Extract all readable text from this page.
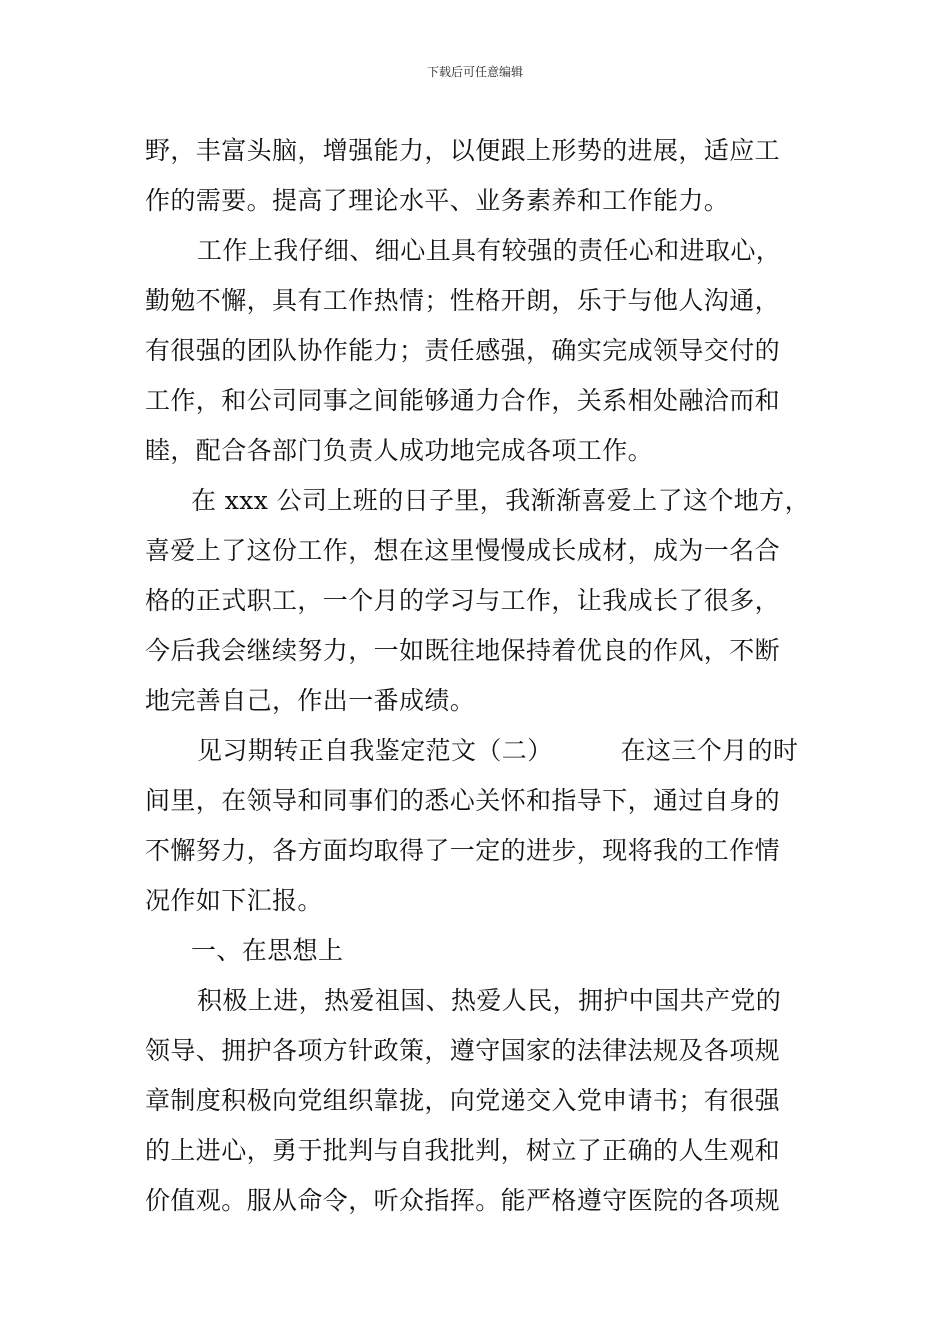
下载后可任意编辑
野，丰富头脑，增强能力，以便跟上形势的进展，适应工
作的需要。提高了理论水平、业务素养和工作能力。
工作上我仔细、细心且具有较强的责任心和进取心，
勤勉不懈，具有工作热情；性格开朗，乐于与他人沟通，
有很强的团队协作能力；责任感强，确实完成领导交付的
工作，和公司同事之间能够通力合作，关系相处融洽而和
睦，配合各部门负责人成功地完成各项工作。
在 xxx 公司上班的日子里，我渐渐喜爱上了这个地方，
喜爱上了这份工作，想在这里慢慢成长成材，成为一名合
格的正式职工，一个月的学习与工作，让我成长了很多，
今后我会继续努力，一如既往地保持着优良的作风，不断
地完善自己，作出一番成绩。
见习期转正自我鉴定范文（二）	在这三个月的时
间里，在领导和同事们的悉心关怀和指导下，通过自身的
不懈努力，各方面均取得了一定的进步，现将我的工作情
况作如下汇报。
一、在思想上
积极上进，热爱祖国、热爱人民，拥护中国共产党的
领导、拥护各项方针政策，遵守国家的法律法规及各项规
章制度积极向党组织靠拢，向党递交入党申请书；有很强
的上进心，勇于批判与自我批判，树立了正确的人生观和
价值观。服从命令，听众指挥。能严格遵守医院的各项规
